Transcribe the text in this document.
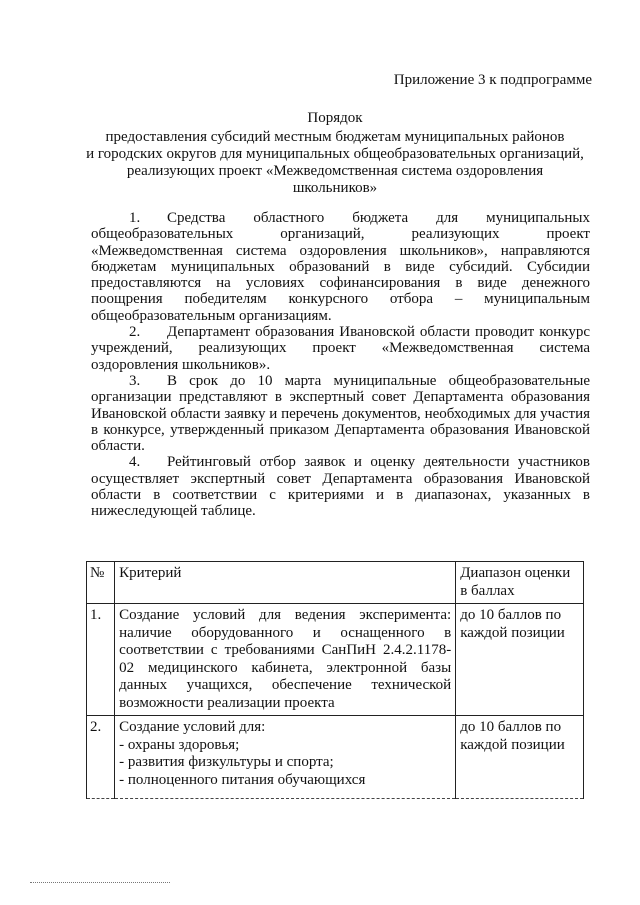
Приложение 3 к подпрограмме
Порядок
предоставления субсидий местным бюджетам муниципальных районов
и городских округов для муниципальных общеобразовательных организаций,
реализующих проект «Межведомственная система оздоровления
школьников»

1. Средства областного бюджета для муниципальных общеобразовательных организаций, реализующих проект «Межведомственная система оздоровления школьников», направляются бюджетам муниципальных образований в виде субсидий. Субсидии предоставляются на условиях софинансирования в виде денежного поощрения победителям конкурсного отбора – муниципальным общеобразовательным организациям.

2. Департамент образования Ивановской области проводит конкурс учреждений, реализующих проект «Межведомственная система оздоровления школьников».

3. В срок до 10 марта муниципальные общеобразовательные организации представляют в экспертный совет Департамента образования Ивановской области заявку и перечень документов, необходимых для участия в конкурсе, утвержденный приказом Департамента образования Ивановской области.

4. Рейтинговый отбор заявок и оценку деятельности участников осуществляет экспертный совет Департамента образования Ивановской области в соответствии с критериями и в диапазонах, указанных в нижеследующей таблице.

№	Критерий	Диапазон оценки в баллах
1.	Создание условий для ведения эксперимента: наличие оборудованного и оснащенного в соответствии с требованиями СанПиН 2.4.2.1178-02 медицинского кабинета, электронной базы данных учащихся, обеспечение технической возможности реализации проекта	до 10 баллов по каждой позиции
2.	Создание условий для:
- охраны здоровья;
- развития физкультуры и спорта;
- полноценного питания обучающихся	до 10 баллов по каждой позиции
